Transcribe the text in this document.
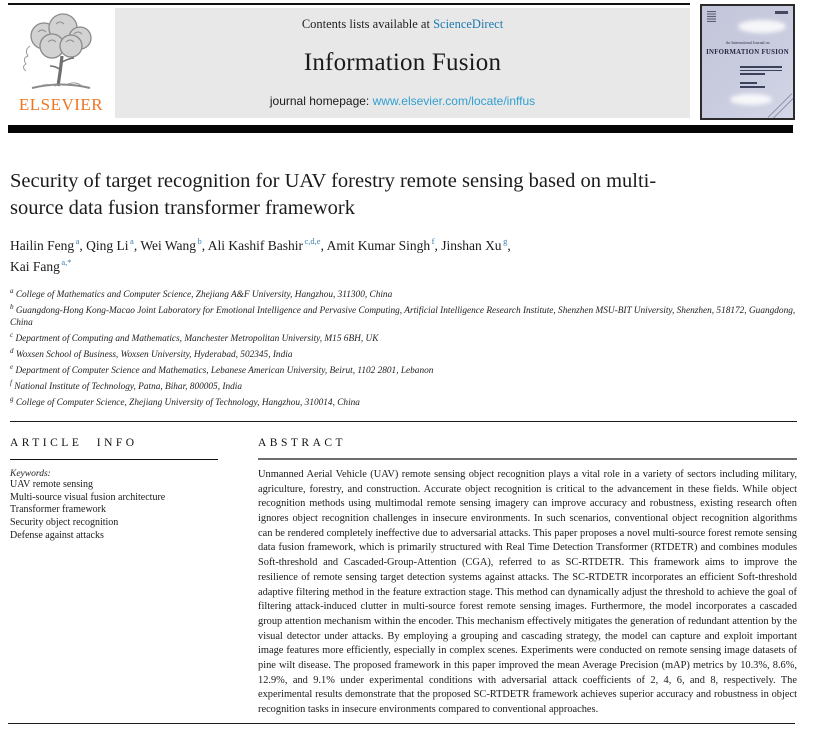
ELSEVIER
Contents lists available at ScienceDirect
Information Fusion
journal homepage: www.elsevier.com/locate/inffus
An International Journal on
INFORMATION FUSION
Security of target recognition for UAV forestry remote sensing based on multi-source data fusion transformer framework
Hailin Feng $^a$, Qing Li $^a$, Wei Wang $^b$, Ali Kashif Bashir $^{c,d,e}$, Amit Kumar Singh $^f$, Jinshan Xu $^g$,
Kai Fang $^{a,*}$
$^a$ College of Mathematics and Computer Science, Zhejiang A&F University, Hangzhou, 311300, China
$^b$ Guangdong-Hong Kong-Macao Joint Laboratory for Emotional Intelligence and Pervasive Computing, Artificial Intelligence Research Institute, Shenzhen MSU-BIT University, Shenzhen, 518172, Guangdong, China
$^c$ Department of Computing and Mathematics, Manchester Metropolitan University, M15 6BH, UK
$^d$ Woxsen School of Business, Woxsen University, Hyderabad, 502345, India
$^e$ Department of Computer Science and Mathematics, Lebanese American University, Beirut, 1102 2801, Lebanon
$^f$ National Institute of Technology, Patna, Bihar, 800005, India
$^g$ College of Computer Science, Zhejiang University of Technology, Hangzhou, 310014, China
ARTICLE INFO
Keywords:
UAV remote sensing
Multi-source visual fusion architecture
Transformer framework
Security object recognition
Defense against attacks
ABSTRACT
Unmanned Aerial Vehicle (UAV) remote sensing object recognition plays a vital role in a variety of sectors including military, agriculture, forestry, and construction. Accurate object recognition is critical to the advancement in these fields. While object recognition methods using multimodal remote sensing imagery can improve accuracy and robustness, existing research often ignores object recognition challenges in insecure environments. In such scenarios, conventional object recognition algorithms can be rendered completely ineffective due to adversarial attacks. This paper proposes a novel multi-source forest remote sensing data fusion framework, which is primarily structured with Real Time Detection Transformer (RTDETR) and combines modules Soft-threshold and Cascaded-Group-Attention (CGA), referred to as SC-RTDETR. This framework aims to improve the resilience of remote sensing target detection systems against attacks. The SC-RTDETR incorporates an efficient Soft-threshold adaptive filtering method in the feature extraction stage. This method can dynamically adjust the threshold to achieve the goal of filtering attack-induced clutter in multi-source forest remote sensing images. Furthermore, the model incorporates a cascaded group attention mechanism within the encoder. This mechanism effectively mitigates the generation of redundant attention by the visual detector under attacks. By employing a grouping and cascading strategy, the model can capture and exploit important image features more efficiently, especially in complex scenes. Experiments were conducted on remote sensing image datasets of pine wilt disease. The proposed framework in this paper improved the mean Average Precision (mAP) metrics by 10.3%, 8.6%, 12.9%, and 9.1% under experimental conditions with adversarial attack coefficients of 2, 4, 6, and 8, respectively. The experimental results demonstrate that the proposed SC-RTDETR framework achieves superior accuracy and robustness in object recognition tasks in insecure environments compared to conventional approaches.
